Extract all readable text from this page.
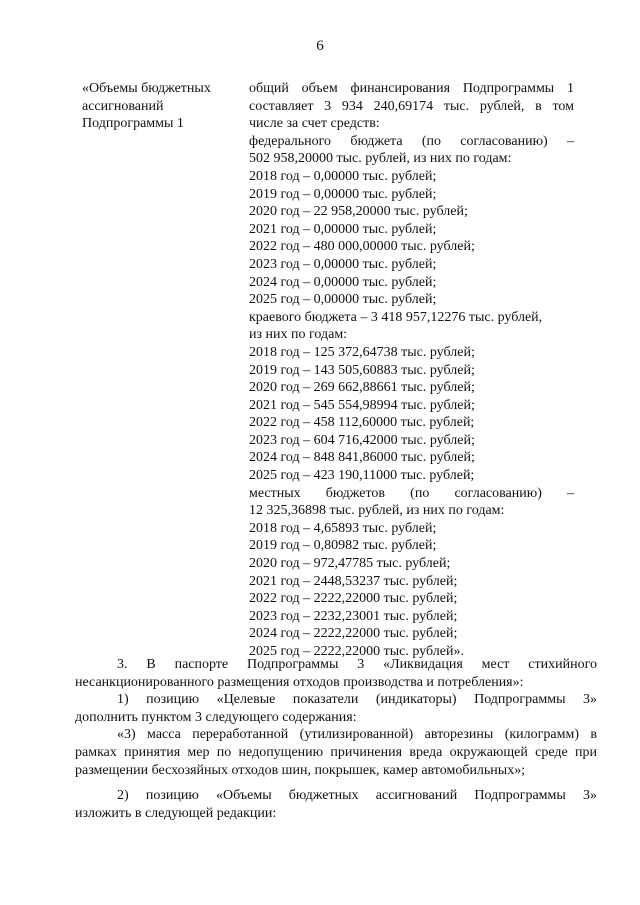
6
«Объемы бюджетных
ассигнований
Подпрограммы 1
общий объем финансирования Подпрограммы 1
составляет 3 934 240,69174 тыс. рублей, в том
числе за счет средств:
федерального бюджета (по согласованию) –
502 958,20000 тыс. рублей, из них по годам:
2018 год – 0,00000 тыс. рублей;
2019 год – 0,00000 тыс. рублей;
2020 год – 22 958,20000 тыс. рублей;
2021 год – 0,00000 тыс. рублей;
2022 год – 480 000,00000 тыс. рублей;
2023 год – 0,00000 тыс. рублей;
2024 год – 0,00000 тыс. рублей;
2025 год – 0,00000 тыс. рублей;
краевого бюджета – 3 418 957,12276 тыс. рублей,
из них по годам:
2018 год – 125 372,64738 тыс. рублей;
2019 год – 143 505,60883 тыс. рублей;
2020 год – 269 662,88661 тыс. рублей;
2021 год – 545 554,98994 тыс. рублей;
2022 год – 458 112,60000 тыс. рублей;
2023 год – 604 716,42000 тыс. рублей;
2024 год – 848 841,86000 тыс. рублей;
2025 год – 423 190,11000 тыс. рублей;
местных бюджетов (по согласованию) –
12 325,36898 тыс. рублей, из них по годам:
2018 год – 4,65893 тыс. рублей;
2019 год – 0,80982 тыс. рублей;
2020 год – 972,47785 тыс. рублей;
2021 год – 2448,53237 тыс. рублей;
2022 год – 2222,22000 тыс. рублей;
2023 год – 2232,23001 тыс. рублей;
2024 год – 2222,22000 тыс. рублей;
2025 год – 2222,22000 тыс. рублей».
3. В паспорте Подпрограммы 3 «Ликвидация мест стихийного
несанкционированного размещения отходов производства и потребления»:
1) позицию «Целевые показатели (индикаторы) Подпрограммы 3»
дополнить пунктом 3 следующего содержания:
«3) масса переработанной (утилизированной) авторезины (килограмм) в
рамках принятия мер по недопущению причинения вреда окружающей среде при
размещении бесхозяйных отходов шин, покрышек, камер автомобильных»;
2) позицию «Объемы бюджетных ассигнований Подпрограммы 3»
изложить в следующей редакции:
